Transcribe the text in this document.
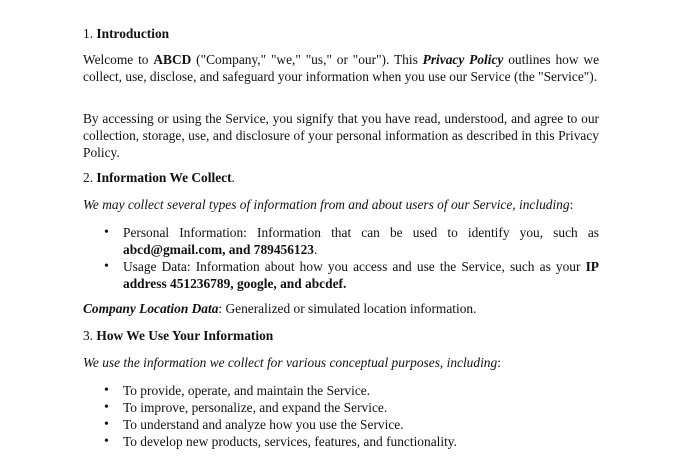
1. Introduction

Welcome to ABCD ("Company," "we," "us," or "our"). This Privacy Policy outlines how we collect, use, disclose, and safeguard your information when you use our Service (the "Service").

By accessing or using the Service, you signify that you have read, understood, and agree to our collection, storage, use, and disclosure of your personal information as described in this Privacy Policy.

2. Information We Collect.

We may collect several types of information from and about users of our Service, including:

• Personal Information: Information that can be used to identify you, such as abcd@gmail.com, and 789456123.
• Usage Data: Information about how you access and use the Service, such as your IP address 451236789, google, and abcdef.

Company Location Data: Generalized or simulated location information.

3. How We Use Your Information

We use the information we collect for various conceptual purposes, including:

• To provide, operate, and maintain the Service.
• To improve, personalize, and expand the Service.
• To understand and analyze how you use the Service.
• To develop new products, services, features, and functionality.
